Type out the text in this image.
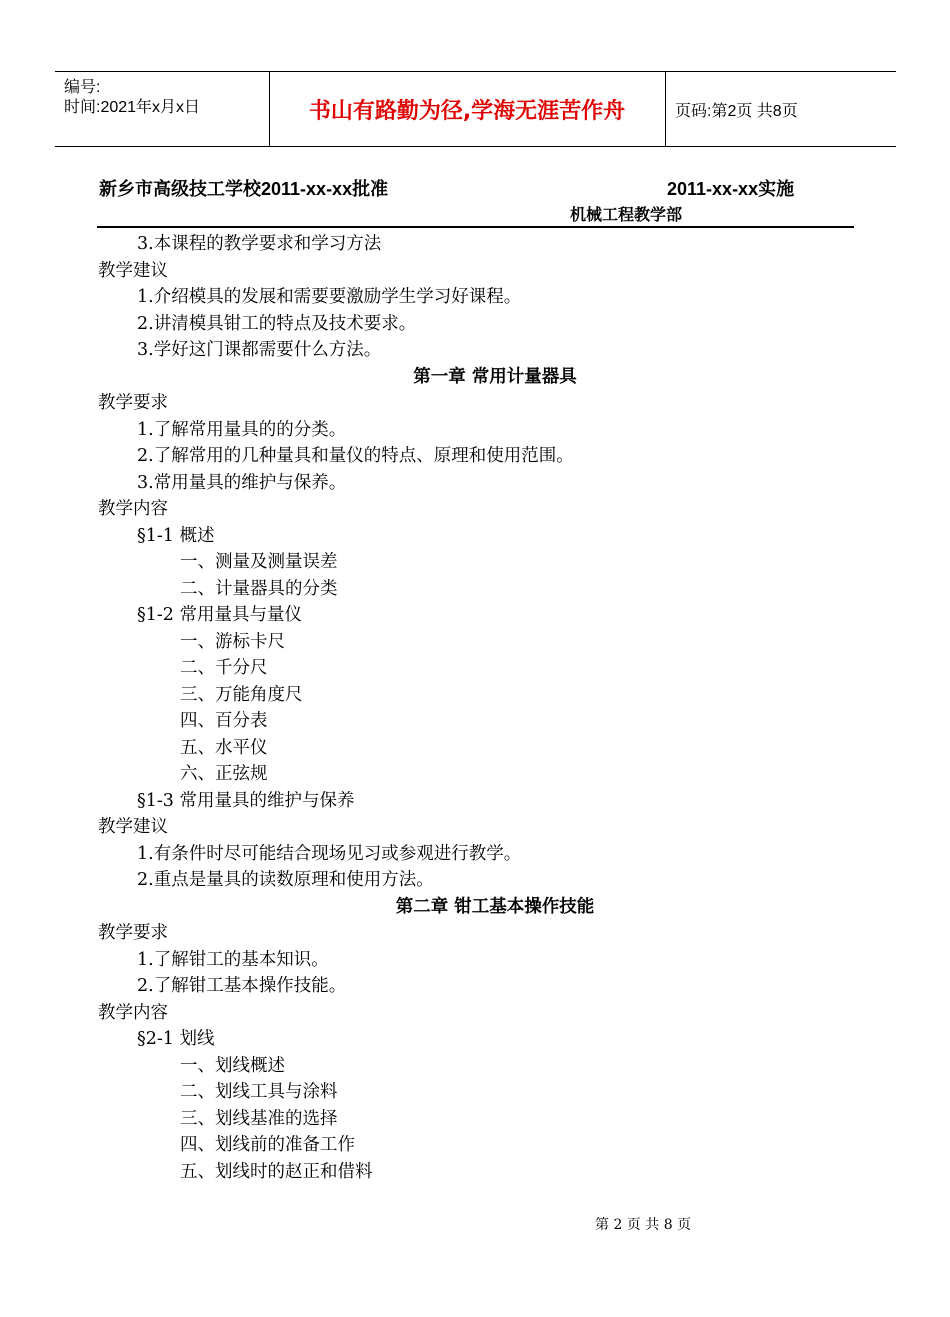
编号:
时间:2021年x月x日	书山有路勤为径,学海无涯苦作舟	页码:第2页 共8页
新乡市高级技工学校2011-xx-xx批准	2011-xx-xx实施
机械工程教学部
3.本课程的教学要求和学习方法
教学建议
1.介绍模具的发展和需要要激励学生学习好课程。
2.讲清模具钳工的特点及技术要求。
3.学好这门课都需要什么方法。
第一章 常用计量器具
教学要求
1.了解常用量具的的分类。
2.了解常用的几种量具和量仪的特点、原理和使用范围。
3.常用量具的维护与保养。
教学内容
§1-1 概述
一、测量及测量误差
二、计量器具的分类
§1-2 常用量具与量仪
一、游标卡尺
二、千分尺
三、万能角度尺
四、百分表
五、水平仪
六、正弦规
§1-3 常用量具的维护与保养
教学建议
1.有条件时尽可能结合现场见习或参观进行教学。
2.重点是量具的读数原理和使用方法。
第二章 钳工基本操作技能
教学要求
1.了解钳工的基本知识。
2.了解钳工基本操作技能。
教学内容
§2-1 划线
一、划线概述
二、划线工具与涂料
三、划线基准的选择
四、划线前的准备工作
五、划线时的赵正和借料
第 2 页 共 8 页
